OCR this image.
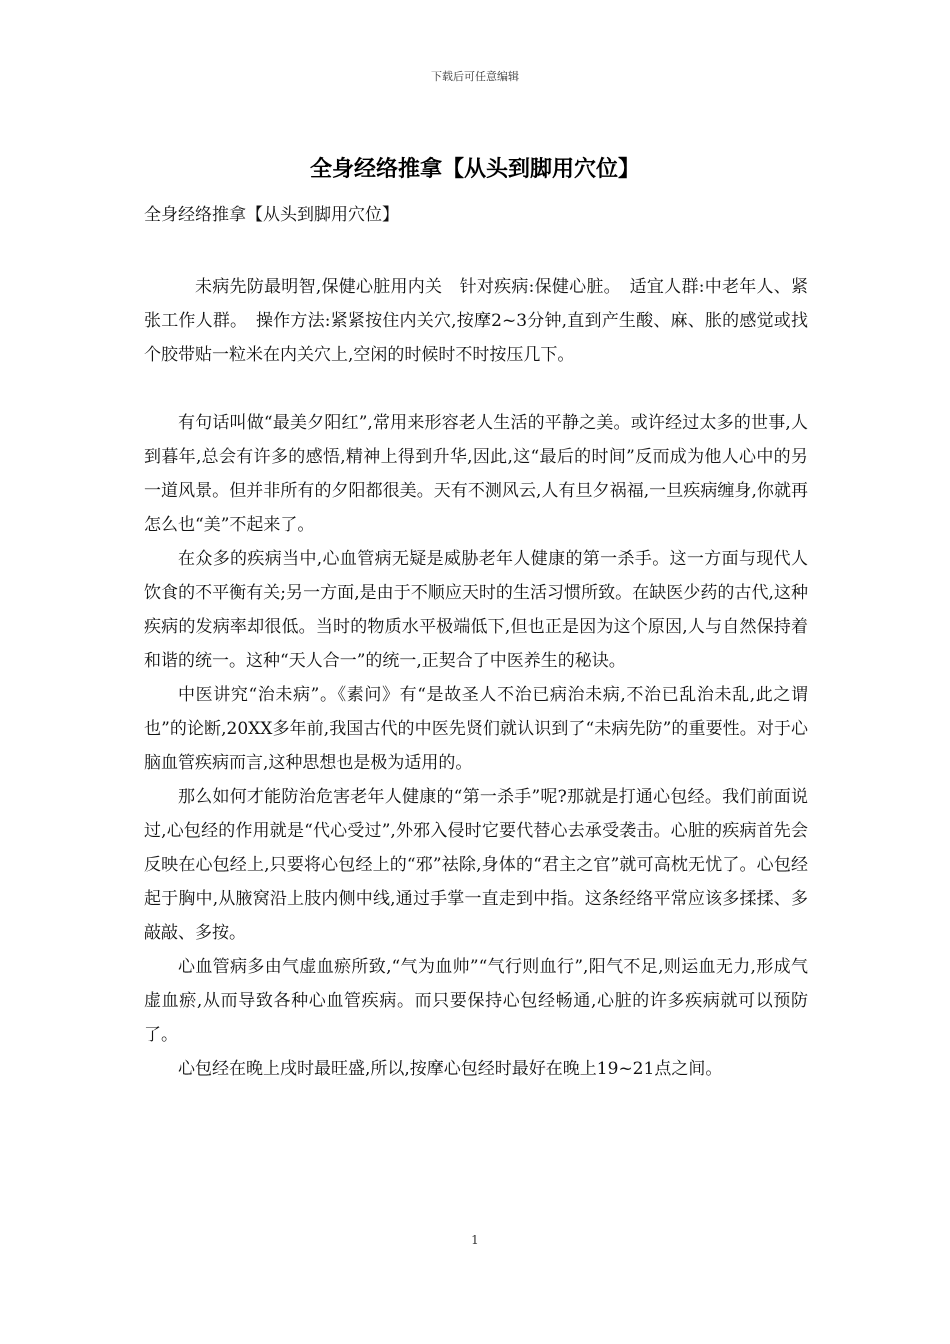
下载后可任意编辑
全身经络推拿【从头到脚用穴位】
全身经络推拿【从头到脚用穴位】

未病先防最明智,保健心脏用内关　针对疾病:保健心脏。　适宜人群:中老年人、紧张工作人群。　操作方法:紧紧按住内关穴,按摩2~3分钟,直到产生酸、麻、胀的感觉或找个胶带贴一粒米在内关穴上,空闲的时候时不时按压几下。

有句话叫做“最美夕阳红”,常用来形容老人生活的平静之美。或许经过太多的世事,人到暮年,总会有许多的感悟,精神上得到升华,因此,这“最后的时间”反而成为他人心中的另一道风景。但并非所有的夕阳都很美。天有不测风云,人有旦夕祸福,一旦疾病缠身,你就再怎么也“美”不起来了。

在众多的疾病当中,心血管病无疑是威胁老年人健康的第一杀手。这一方面与现代人饮食的不平衡有关;另一方面,是由于不顺应天时的生活习惯所致。在缺医少药的古代,这种疾病的发病率却很低。当时的物质水平极端低下,但也正是因为这个原因,人与自然保持着和谐的统一。这种“天人合一”的统一,正契合了中医养生的秘诀。

中医讲究“治未病”。《素问》有“是故圣人不治已病治未病,不治已乱治未乱,此之谓也”的论断,20XX多年前,我国古代的中医先贤们就认识到了“未病先防”的重要性。对于心脑血管疾病而言,这种思想也是极为适用的。

那么如何才能防治危害老年人健康的“第一杀手”呢?那就是打通心包经。我们前面说过,心包经的作用就是“代心受过”,外邪入侵时它要代替心去承受袭击。心脏的疾病首先会反映在心包经上,只要将心包经上的“邪”祛除,身体的“君主之官”就可高枕无忧了。心包经起于胸中,从腋窝沿上肢内侧中线,通过手掌一直走到中指。这条经络平常应该多揉揉、多敲敲、多按。

心血管病多由气虚血瘀所致,“气为血帅”“气行则血行”,阳气不足,则运血无力,形成气虚血瘀,从而导致各种心血管疾病。而只要保持心包经畅通,心脏的许多疾病就可以预防了。

心包经在晚上戌时最旺盛,所以,按摩心包经时最好在晚上19~21点之间。

1
